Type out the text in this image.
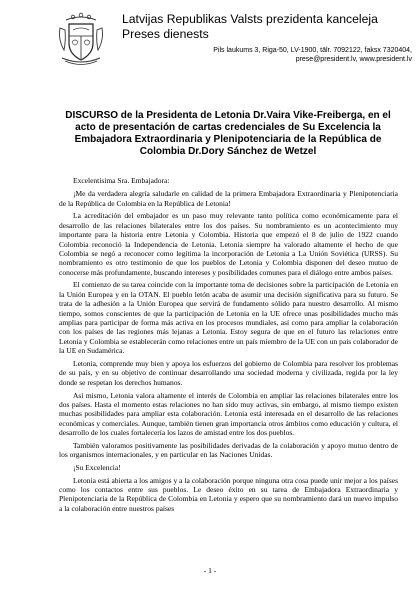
Latvijas Republikas Valsts prezidenta kanceleja
Preses dienests
Pils laukums 3, Riga-50, LV-1900, tālr. 7092122, faksx 7320404,
prese@president.lv, www.president.lv
DISCURSO de la Presidenta de Letonia Dr.Vaira Vike-Freiberga, en el
acto de presentación de cartas credenciales de Su Excelencia la
Embajadora Extraordinaria y Plenipotenciaria de la República de
Colombia Dr.Dory Sánchez de Wetzel

Excelentísima Sra. Embajadora:

¡Me da verdadera alegría saludarle en calidad de la primera Embajadora Extraordinaria y Plenipotenciaria de la República de Colombia en la República de Letonia!

La acreditación del embajador es un paso muy relevante tanto política como económicamente para el desarrollo de las relaciones bilaterales entre los dos países. Su nombramiento es un acontecimiento muy importante para la historia entre Letonia y Colombia. Historia que empezó el 8 de julio de 1922 cuando Colombia reconoció la Independencia de Letonia. Letonia siempre ha valorado altamente el hecho de que Colombia se negó a reconocer como legítima la incorporación de Letonia a La Unión Soviética (URSS). Su nombramiento es otro testimonio de que los pueblos de Letonia y Colombia disponen del deseo mutuo de conocerse más profundamente, buscando intereses y posibilidades comunes para el diálogo entre ambos países.

El comienzo de su tarea coincide con la importante toma de decisiones sobre la participación de Letonia en la Unión Europea y en la OTAN. El pueblo letón acaba de asumir una decisión significativa para su futuro. Se trata de la adhesión a la Unión Europea que servirá de fundamento sólido para nuestro desarrollo. Al mismo tiempo, somos conscientes de que la participación de Letonia en la UE ofrece unas posibilidades mucho más amplias para participar de forma más activa en los procesos mundiales, así como para ampliar la colaboración con los países de las regiones más lejanas a Letonia. Estoy segura de que en el futuro las relaciones entre Letonia y Colombia se establecerán como relaciones entre un país miembro de la UE con un país colaborador de la UE en Sudamérica.

Letonia, comprende muy bien y apoya los esfuerzos del gobierno de Colombia para resolver los problemas de su país, y en su objetivo de continuar desarrollando una sociedad moderna y civilizada, regida por la ley donde se respetan los derechos humanos.

Así mismo, Letonia valora altamente el interés de Colombia en ampliar las relaciones bilaterales entre los dos países. Hasta el momento estas relaciones no han sido muy activas, sin embargo, al mismo tiempo existen muchas posibilidades para ampliar esta colaboración. Letonia está interesada en el desarrollo de las relaciones económicas y comerciales. Aunque, también tienen gran importancia otros ámbitos como educación y cultura, el desarrollo de los cuales fortalecería los lazos de amistad entre los dos pueblos.

También valoramos positivamente las posibilidades derivadas de la colaboración y apoyo mutuo dentro de los organismos internacionales, y en particular en las Naciones Unidas.

¡Su Excelencia!

Letonia está abierta a los amigos y a la colaboración porque ninguna otra cosa puede unir mejor a los países como los contactos entre sus pueblos. Le deseo éxito en su tarea de Embajadora Extraordinaria y Plenipotenciaria de la República de Colombia en Letonia y espero que su nombramiento dará un nuevo impulso a la colaboración entre nuestros países

- 1 -
